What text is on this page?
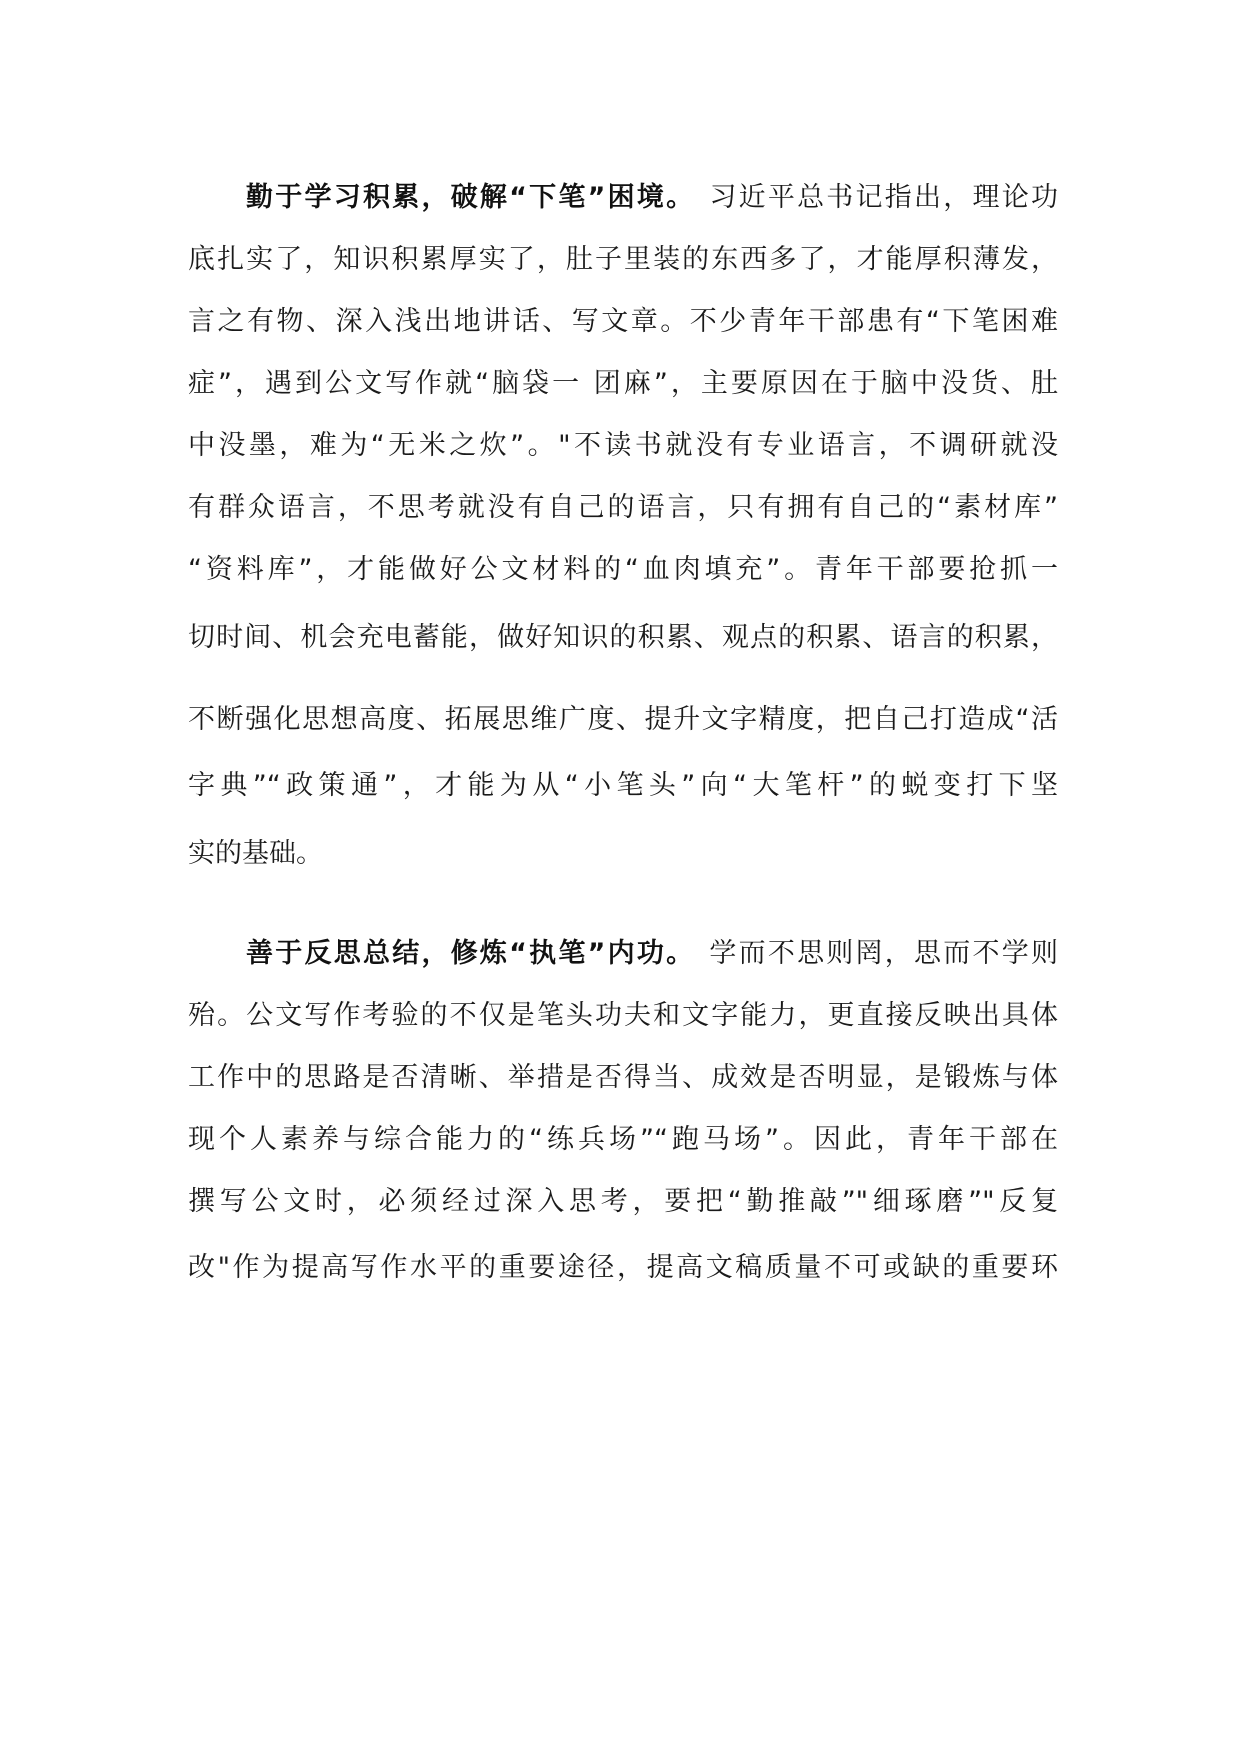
勤于学习积累，破解“下笔”困境。 习近平总书记指出，理论功
底扎实了，知识积累厚实了，肚子里装的东西多了，才能厚积薄发，
言之有物、深入浅出地讲话、写文章。不少青年干部患有“下笔困难
症”，遇到公文写作就“脑袋一 团麻”，主要原因在于脑中没货、肚
中没墨，难为“无米之炊”。"不读书就没有专业语言，不调研就没
有群众语言，不思考就没有自己的语言，只有拥有自己的“素材库”
“资料库”，才能做好公文材料的“血肉填充”。青年干部要抢抓一
切时间、机会充电蓄能，做好知识的积累、观点的积累、语言的积累，
不断强化思想高度、拓展思维广度、提升文字精度，把自己打造成“活
字典”“政策通”，才能为从“小笔头”向“大笔杆”的蜕变打下坚
实的基础。
善于反思总结，修炼“执笔”内功。 学而不思则罔，思而不学则
殆。公文写作考验的不仅是笔头功夫和文字能力，更直接反映出具体
工作中的思路是否清晰、举措是否得当、成效是否明显，是锻炼与体
现个人素养与综合能力的“练兵场”“跑马场”。因此，青年干部在
撰写公文时，必须经过深入思考，要把“勤推敲”"细琢磨”"反复
改"作为提高写作水平的重要途径，提高文稿质量不可或缺的重要环
